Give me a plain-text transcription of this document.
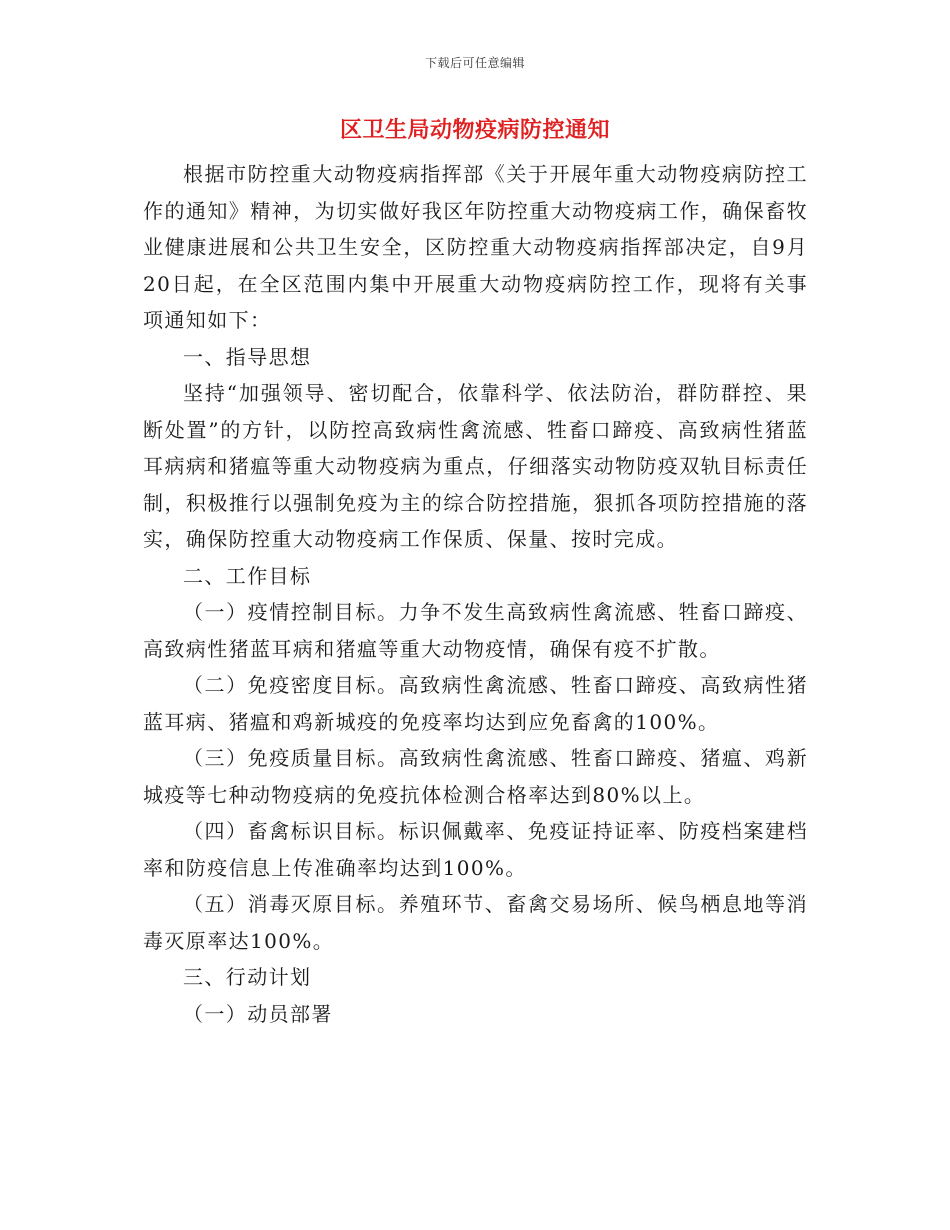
下载后可任意编辑
区卫生局动物疫病防控通知

根据市防控重大动物疫病指挥部《关于开展年重大动物疫病防控工作的通知》精神，为切实做好我区年防控重大动物疫病工作，确保畜牧业健康进展和公共卫生安全，区防控重大动物疫病指挥部决定，自9月20日起，在全区范围内集中开展重大动物疫病防控工作，现将有关事项通知如下：

一、指导思想

坚持“加强领导、密切配合，依靠科学、依法防治，群防群控、果断处置”的方针，以防控高致病性禽流感、牲畜口蹄疫、高致病性猪蓝耳病病和猪瘟等重大动物疫病为重点，仔细落实动物防疫双轨目标责任制，积极推行以强制免疫为主的综合防控措施，狠抓各项防控措施的落实，确保防控重大动物疫病工作保质、保量、按时完成。

二、工作目标

（一）疫情控制目标。力争不发生高致病性禽流感、牲畜口蹄疫、高致病性猪蓝耳病和猪瘟等重大动物疫情，确保有疫不扩散。

（二）免疫密度目标。高致病性禽流感、牲畜口蹄疫、高致病性猪蓝耳病、猪瘟和鸡新城疫的免疫率均达到应免畜禽的100%。

（三）免疫质量目标。高致病性禽流感、牲畜口蹄疫、猪瘟、鸡新城疫等七种动物疫病的免疫抗体检测合格率达到80%以上。

（四）畜禽标识目标。标识佩戴率、免疫证持证率、防疫档案建档率和防疫信息上传准确率均达到100%。

（五）消毒灭原目标。养殖环节、畜禽交易场所、候鸟栖息地等消毒灭原率达100%。

三、行动计划

（一）动员部署
